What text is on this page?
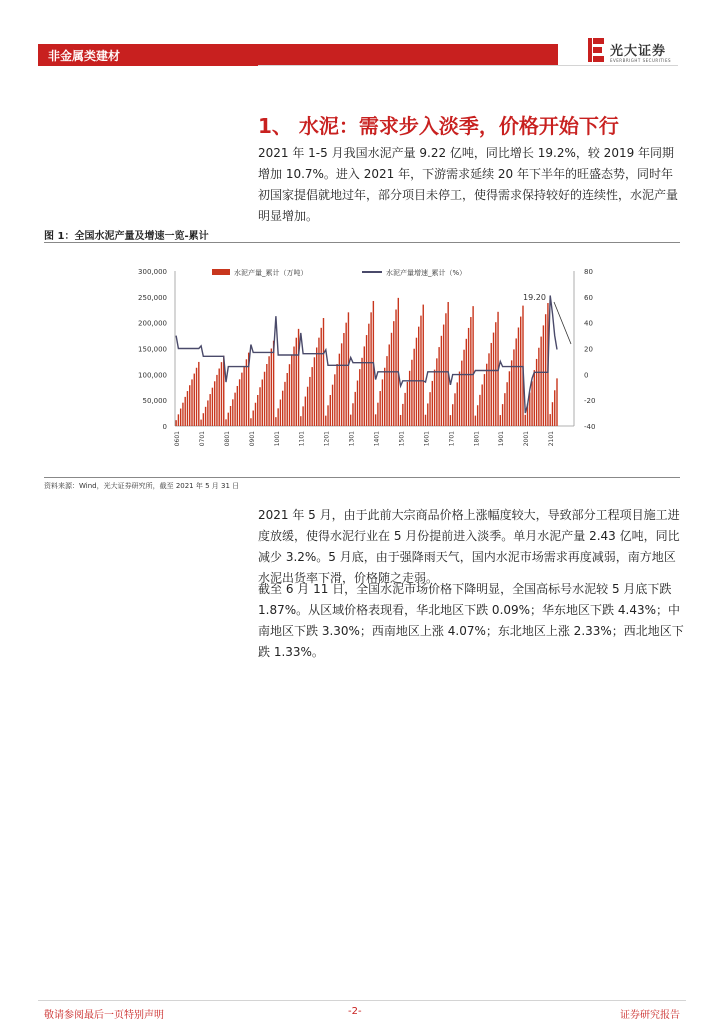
非金属类建材	光大证券
EVERBRIGHT SECURITIES
1、 水泥：需求步入淡季，价格开始下行
2021 年 1-5 月我国水泥产量 9.22 亿吨，同比增长 19.2%，较 2019 年同期增加 10.7%。进入 2021 年，下游需求延续 20 年下半年的旺盛态势，同时年初国家提倡就地过年，部分项目未停工，使得需求保持较好的连续性，水泥产量明显增加。
图 1：全国水泥产量及增速一览-累计
水泥产量_累计（万吨）	水泥产量增速_累计（%）
0
50,000
100,000
150,000
200,000
250,000
300,000
-40
-20
0
20
40
60
80
0601	0701	0801	0901	1001	1101	1201	1301	1401	1501	1601	1701	1801	1901	2001	2101
19.20
资料来源：Wind，光大证券研究所，截至 2021 年 5 月 31 日
2021 年 5 月，由于此前大宗商品价格上涨幅度较大，导致部分工程项目施工进度放缓，使得水泥行业在 5 月份提前进入淡季。单月水泥产量 2.43 亿吨，同比减少 3.2%。5 月底，由于强降雨天气，国内水泥市场需求再度减弱，南方地区水泥出货率下滑，价格随之走弱。
截至 6 月 11 日，全国水泥市场价格下降明显，全国高标号水泥较 5 月底下跌 1.87%。从区域价格表现看，华北地区下跌 0.09%；华东地区下跌 4.43%；中南地区下跌 3.30%；西南地区上涨 4.07%；东北地区上涨 2.33%；西北地区下跌 1.33%。
敬请参阅最后一页特别声明	-2-	证券研究报告
